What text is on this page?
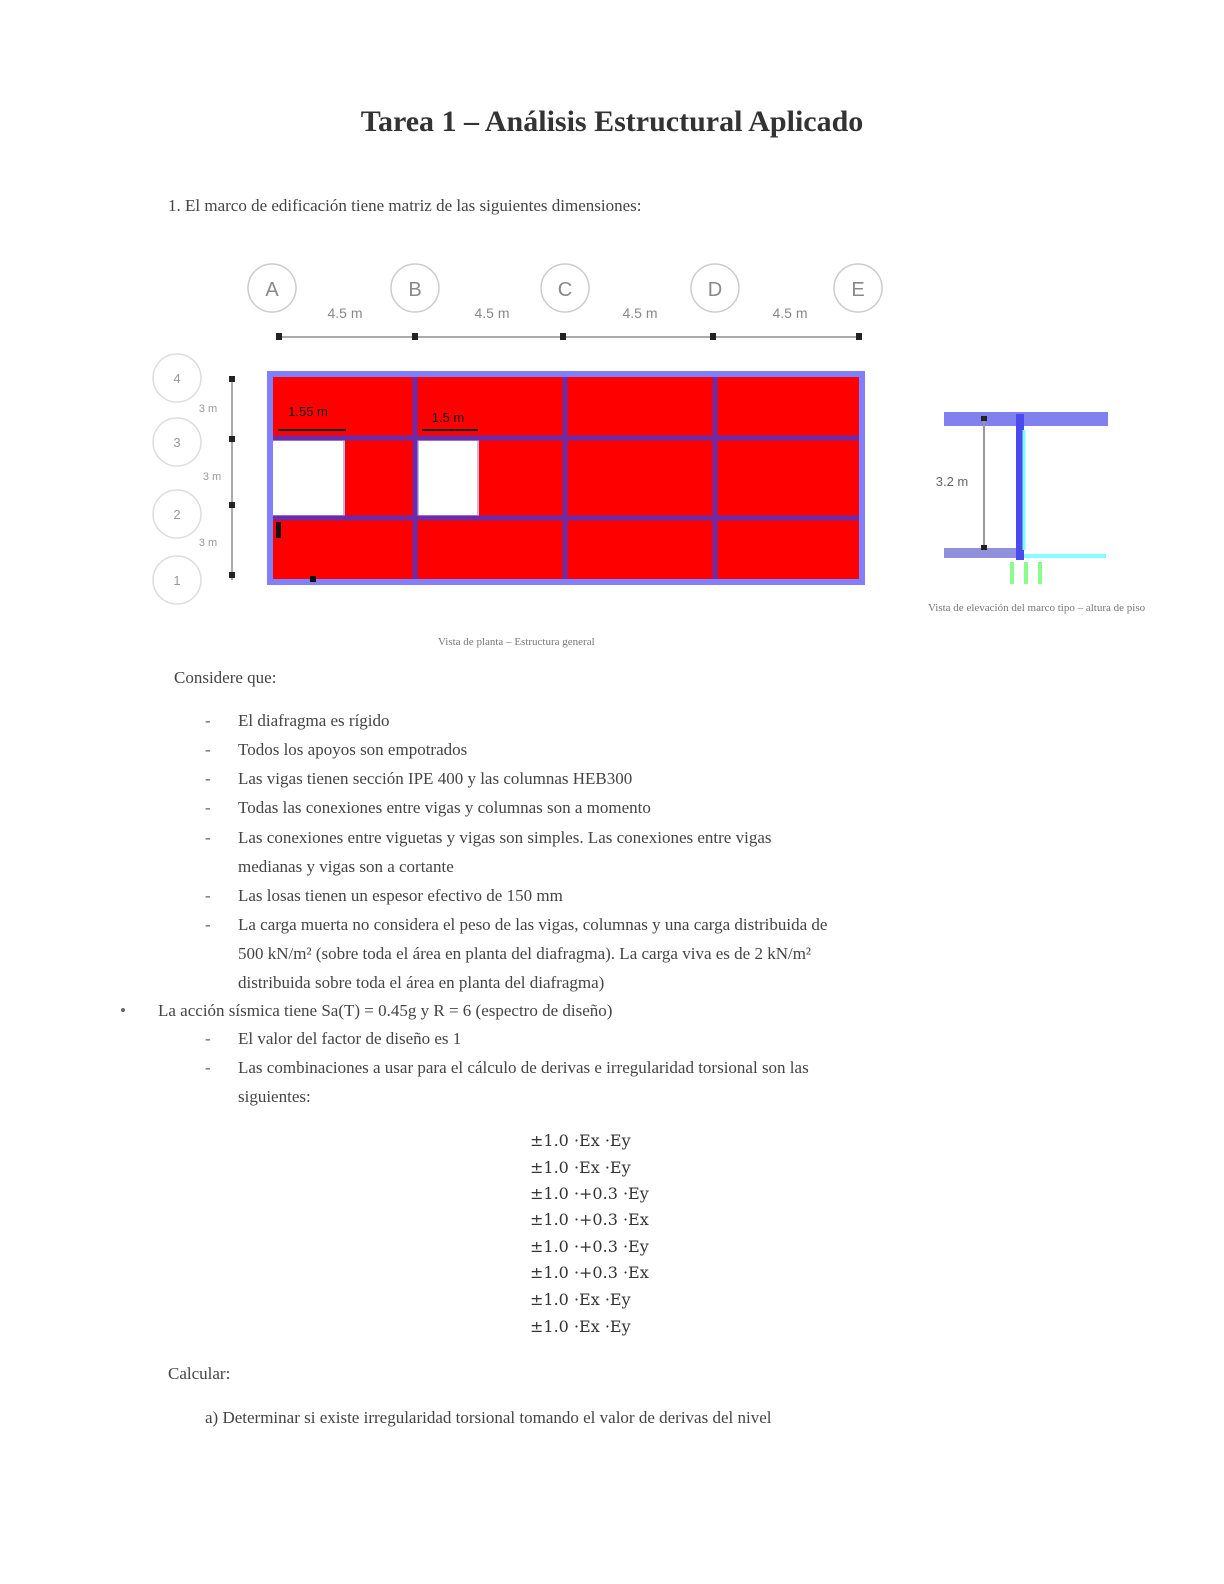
Tarea 1 – Análisis Estructural Aplicado
1. El marco de edificación tiene matriz de las siguientes dimensiones:
A	B	C	D	E
4.5 m	4.5 m	4.5 m	4.5 m
4
3
2
1
3 m
3 m
3 m
1.55 m	1.5 m
Vista de planta – Estructura general
3.2 m
Vista de elevación del marco tipo – altura de piso
Considere que:
- El diafragma es rígido
- Todos los apoyos son empotrados
- Las vigas tienen sección IPE 400 y las columnas HEB300
- Todas las conexiones entre vigas y columnas son a momento
- Las conexiones entre viguetas y vigas son simples. Las conexiones entre vigas
medianas y vigas son a cortante
- Las losas tienen un espesor efectivo de 150 mm
- La carga muerta no considera el peso de las vigas, columnas y una carga distribuida de
500 kN/m² (sobre toda el área en planta del diafragma). La carga viva es de 2 kN/m²
distribuida sobre toda el área en planta del diafragma)
• La acción sísmica tiene Sa(T) = 0.45g y R = 6 (espectro de diseño)
- El valor del factor de diseño es 1
- Las combinaciones a usar para el cálculo de derivas e irregularidad torsional son las
siguientes:
±1.0 ·Ex ·Ey
±1.0 ·Ex ·Ey
±1.0 ·+0.3 ·Ey
±1.0 ·+0.3 ·Ex
±1.0 ·+0.3 ·Ey
±1.0 ·+0.3 ·Ex
±1.0 ·Ex ·Ey
±1.0 ·Ex ·Ey
Calcular:
a) Determinar si existe irregularidad torsional tomando el valor de derivas del nivel
